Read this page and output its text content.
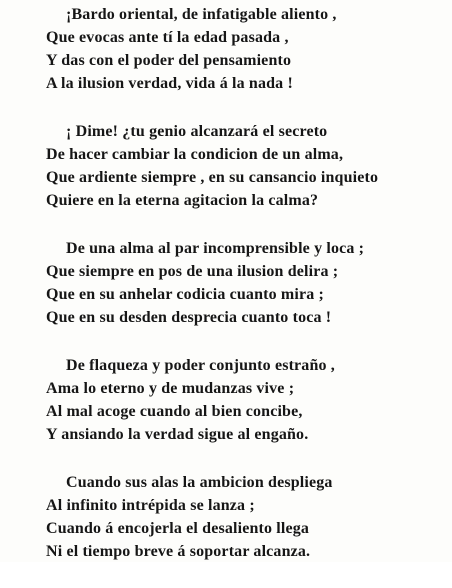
¡Bardo oriental, de infatigable aliento ,
Que evocas ante tí la edad pasada ,
Y das con el poder del pensamiento
A la ilusion verdad, vida á la nada !
¡ Dime! ¿tu genio alcanzará el secreto
De hacer cambiar la condicion de un alma,
Que ardiente siempre , en su cansancio inquieto
Quiere en la eterna agitacion la calma?
De una alma al par incomprensible y loca ;
Que siempre en pos de una ilusion delira ;
Que en su anhelar codicia cuanto mira ;
Que en su desden desprecia cuanto toca !
De flaqueza y poder conjunto estraño ,
Ama lo eterno y de mudanzas vive ;
Al mal acoge cuando al bien concibe,
Y ansiando la verdad sigue al engaño.
Cuando sus alas la ambicion despliega
Al infinito intrépida se lanza ;
Cuando á encojerla el desaliento llega
Ni el tiempo breve á soportar alcanza.
